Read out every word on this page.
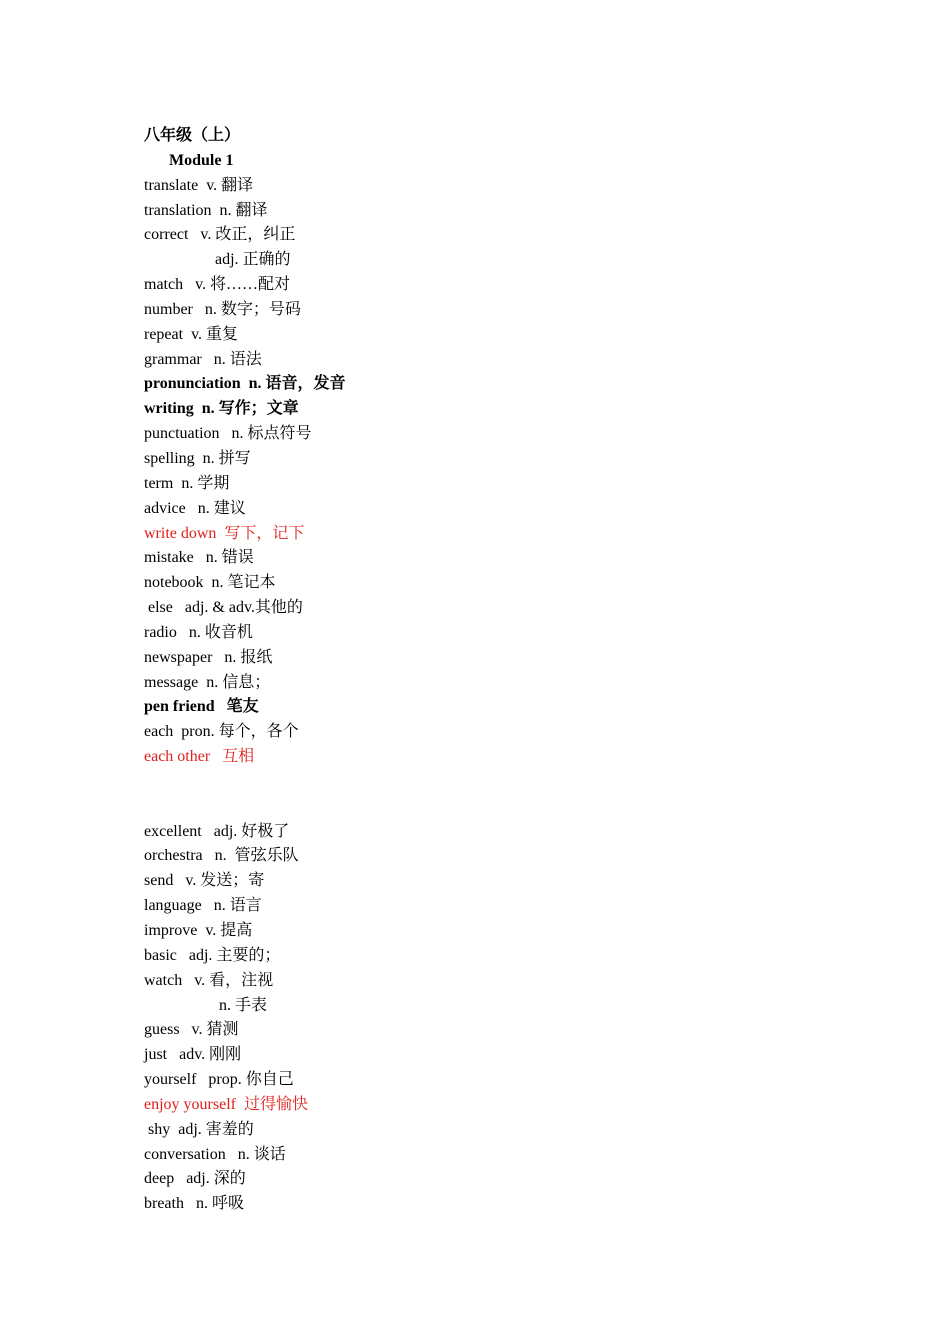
八年级（上）
Module 1
translate  v. 翻译
translation  n. 翻译
correct   v. 改正，纠正
adj. 正确的
match   v. 将……配对
number   n. 数字；号码
repeat  v. 重复
grammar   n. 语法
pronunciation  n. 语音，发音
writing  n. 写作；文章
punctuation   n. 标点符号
spelling  n. 拼写
term  n. 学期
advice   n. 建议
write down  写下，记下
mistake   n. 错误
notebook  n. 笔记本
else   adj. & adv.其他的
radio   n. 收音机
newspaper   n. 报纸
message  n. 信息；
pen friend   笔友
each  pron. 每个，各个
each other   互相
excellent   adj. 好极了
orchestra   n.  管弦乐队
send   v. 发送；寄
language   n. 语言
improve  v. 提高
basic   adj. 主要的；
watch   v. 看，注视
n. 手表
guess   v. 猜测
just   adv. 刚刚
yourself   prop. 你自己
enjoy yourself  过得愉快
shy  adj. 害羞的
conversation   n. 谈话
deep   adj. 深的
breath   n. 呼吸
